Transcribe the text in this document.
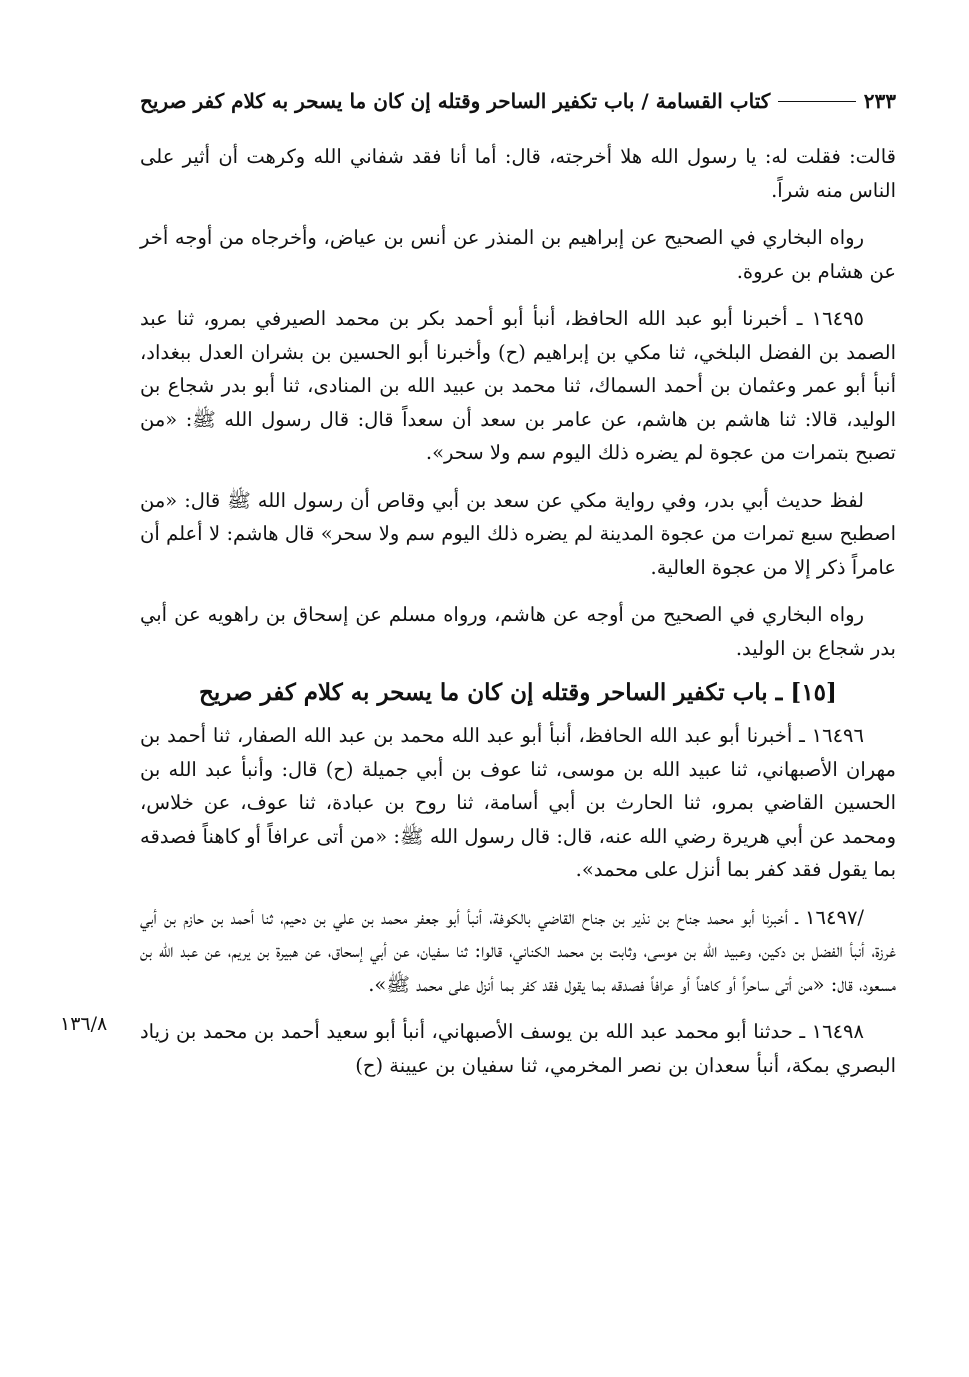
كتاب القسامة / باب تكفير الساحر وقتله إن كان ما يسحر به كلام كفر صريح	٢٣٣

قالت: فقلت له: يا رسول الله هلا أخرجته، قال: أما أنا فقد شفاني الله وكرهت أن أثير على الناس منه شراً.

رواه البخاري في الصحيح عن إبراهيم بن المنذر عن أنس بن عياض، وأخرجاه من أوجه أخر عن هشام بن عروة.

١٦٤٩٥ ـ أخبرنا أبو عبد الله الحافظ، أنبأ أبو أحمد بكر بن محمد الصيرفي بمرو، ثنا عبد الصمد بن الفضل البلخي، ثنا مكي بن إبراهيم (ح) وأخبرنا أبو الحسين بن بشران العدل ببغداد، أنبأ أبو عمر وعثمان بن أحمد السماك، ثنا محمد بن عبيد الله بن المنادى، ثنا أبو بدر شجاع بن الوليد، قالا: ثنا هاشم بن هاشم، عن عامر بن سعد أن سعداً قال: قال رسول الله ﷺ: «من تصبح بتمرات من عجوة لم يضره ذلك اليوم سم ولا سحر».

لفظ حديث أبي بدر، وفي رواية مكي عن سعد بن أبي وقاص أن رسول الله ﷺ قال: «من اصطبح سبع تمرات من عجوة المدينة لم يضره ذلك اليوم سم ولا سحر» قال هاشم: لا أعلم أن عامراً ذكر إلا من عجوة العالية.

رواه البخاري في الصحيح من أوجه عن هاشم، ورواه مسلم عن إسحاق بن راهويه عن أبي بدر شجاع بن الوليد.

[١٥] ـ باب تكفير الساحر وقتله إن كان ما يسحر به كلام كفر صريح

١٦٤٩٦ ـ أخبرنا أبو عبد الله الحافظ، أنبأ أبو عبد الله محمد بن عبد الله الصفار، ثنا أحمد بن مهران الأصبهاني، ثنا عبيد الله بن موسى، ثنا عوف بن أبي جميلة (ح) قال: وأنبأ عبد الله بن الحسين القاضي بمرو، ثنا الحارث بن أبي أسامة، ثنا روح بن عبادة، ثنا عوف، عن خلاس، ومحمد عن أبي هريرة رضي الله عنه، قال: قال رسول الله ﷺ: «من أتى عرافاً أو كاهناً فصدقه بما يقول فقد كفر بما أنزل على محمد».

/١٦٤٩٧ ـ أخبرنا أبو محمد جناح بن نذير بن جناح القاضي بالكوفة، أنبأ أبو جعفر محمد بن علي بن دحيم، ثنا أحمد بن حازم بن أبي غرزة، أنبأ الفضل بن دكين، وعبيد الله بن موسى، وثابت بن محمد الكناني، قالوا: ثنا سفيان، عن أبي إسحاق، عن هبيرة بن يريم، عن عبد الله بن مسعود، قال: «من أتى ساحراً أو كاهناً أو عرافاً فصدقه بما يقول فقد كفر بما أنزل على محمد ﷺ».

١٦٤٩٨ ـ حدثنا أبو محمد عبد الله بن يوسف الأصبهاني، أنبأ أبو سعيد أحمد بن محمد بن زياد البصري بمكة، أنبأ سعدان بن نصر المخرمي، ثنا سفيان بن عيينة (ح)

١٣٦/٨
